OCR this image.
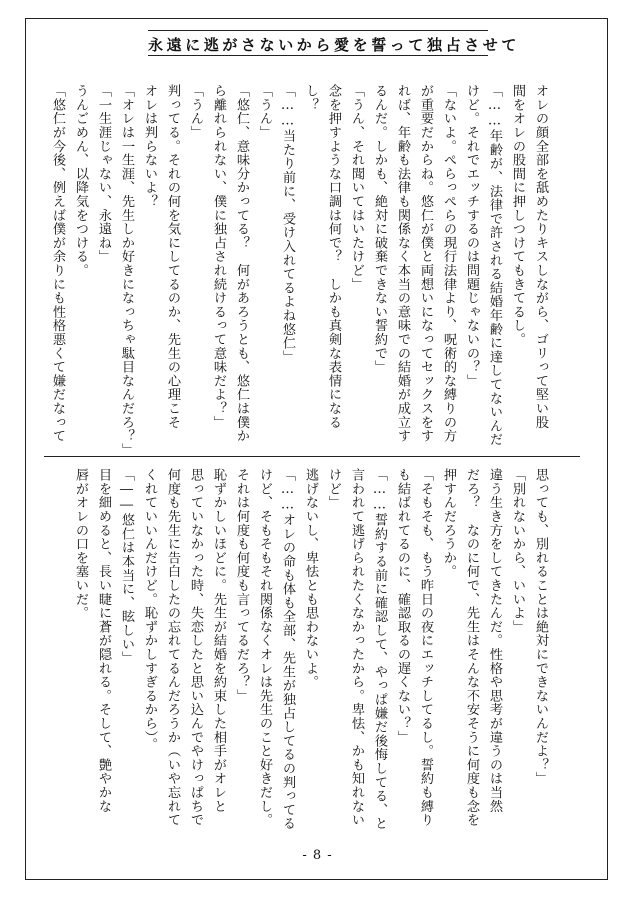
永遠に逃がさないから愛を誓って独占させて
オレの顔全部を舐めたりキスしながら、ゴリって堅い股
間をオレの股間に押しつけてもきてるし。
「……年齢が、法律で許される結婚年齢に達してないんだ
けど。それでエッチするのは問題じゃないの？」
「ないよ。ぺらっぺらの現行法律より、呪術的な縛りの方
が重要だからね。悠仁が僕と両想いになってセックスをす
れば、年齢も法律も関係なく本当の意味での結婚が成立す
るんだ。しかも、絶対に破棄できない誓約で」
「うん、それ聞いてはいたけど」
念を押すような口調は何で？　しかも真剣な表情になる
し？
「……当たり前に、受け入れてるよね悠仁」
「うん」
「悠仁、意味分かってる？　何があろうとも、悠仁は僕か
ら離れられない、僕に独占され続けるって意味だよ？」
「うん」
判ってる。それの何を気にしてるのか、先生の心理こそ
オレは判らないよ？
「オレは一生涯、先生しか好きになっちゃ駄目なんだろ？」
「一生涯じゃない、永遠ね」
うんごめん、以降気をつける。
「悠仁が今後、例えば僕が余りにも性格悪くて嫌だなって
思っても、別れることは絶対にできないんだよ？」
「別れないから、いいよ」
違う生き方をしてきたんだ。性格や思考が違うのは当然
だろ？　なのに何で、先生はそんな不安そうに何度も念を
押すんだろうか。
「そもそも、もう昨日の夜にエッチしてるし。誓約も縛り
も結ばれてるのに、確認取るの遅くない？」
「……誓約する前に確認して、やっぱ嫌だ後悔してる、と
言われて逃げられたくなかったから。卑怯、かも知れない
けど」
逃げないし、卑怯とも思わないよ。
「……オレの命も体も全部、先生が独占してるの判ってる
けど、そもそもそれ関係なくオレは先生のこと好きだし。
それは何度も何度も言ってるだろ？」
恥ずかしいほどに。先生が結婚を約束した相手がオレと
思っていなかった時、失恋したと思い込んでやけっぱちで
何度も先生に告白したの忘れてるんだろうか（いや忘れて
くれていいんだけど。恥ずかしすぎるから）。
「――悠仁は本当に、眩しい」
目を細めると、長い睫に蒼が隠れる。そして、艶やかな
唇がオレの口を塞いだ。
- 8 -
